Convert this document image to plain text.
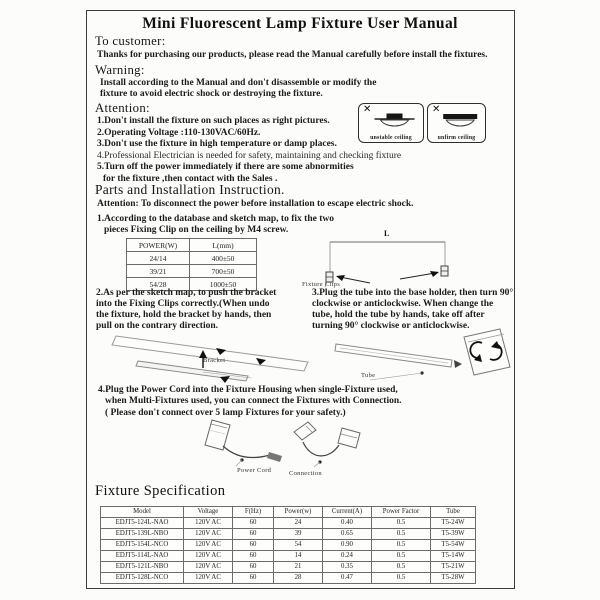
Mini Fluorescent Lamp Fixture User Manual
To customer:
Thanks for purchasing our products, please read the Manual carefully before install the fixtures.
Warning:
Install according to the Manual and don't disassemble or modify the
fixture to avoid electric shock or destroying the fixture.
Attention:
1.Don't install the fixture on such places as right pictures.
2.Operating Voltage :110-130VAC/60Hz.
3.Don't use the fixture in high temperature or damp places.
4.Professional Electrician is needed for safety, maintaining and checking fixture
5.Turn off the power immediately if there are some abnormities
for the fixture ,then contact with the Sales .
✕
unstable ceiling
✕
unfirm ceiling
Parts and Installation Instruction.
Attention: To disconnect the power before installation to escape electric shock.
1.According to the database and sketch map, to fix the two
pieces Fixing Clip on the ceiling by M4 screw.
POWER(W)	L(mm)
24/14	400±50
39/21	700±50
54/28	1000±50
L
Fixture Clips
2.As per the sketch map, to push the bracket
into the Fixing Clips correctly.(When undo
the fixture, hold the bracket by hands, then
pull on the contrary direction.
3.Plug the tube into the base holder, then turn 90°
clockwise or anticlockwise. When change the
tube, hold the tube by hands, take off after
turning 90° clockwise or anticlockwise.
Bracket
Tube
4.Plug the Power Cord into the Fixture Housing when single-Fixture used,
when Multi-Fixtures used, you can connect the Fixtures with Connection.
( Please don't connect over 5 lamp Fixtures for your safety.)
Power Cord	Connection
Fixture Specification
Model	Voltage	F(Hz)	Power(w)	Current(A)	Power Factor	Tube
EDJT5-124L-NAO	120V AC	60	24	0.40	0.5	T5-24W
EDJT5-139L-NBO	120V AC	60	39	0.65	0.5	T5-39W
EDJT5-154L-NCO	120V AC	60	54	0.90	0.5	T5-54W
EDJT5-114L-NAO	120V AC	60	14	0.24	0.5	T5-14W
EDJT5-121L-NBO	120V AC	60	21	0.35	0.5	T5-21W
EDJT5-128L-NCO	120V AC	60	28	0.47	0.5	T5-28W
